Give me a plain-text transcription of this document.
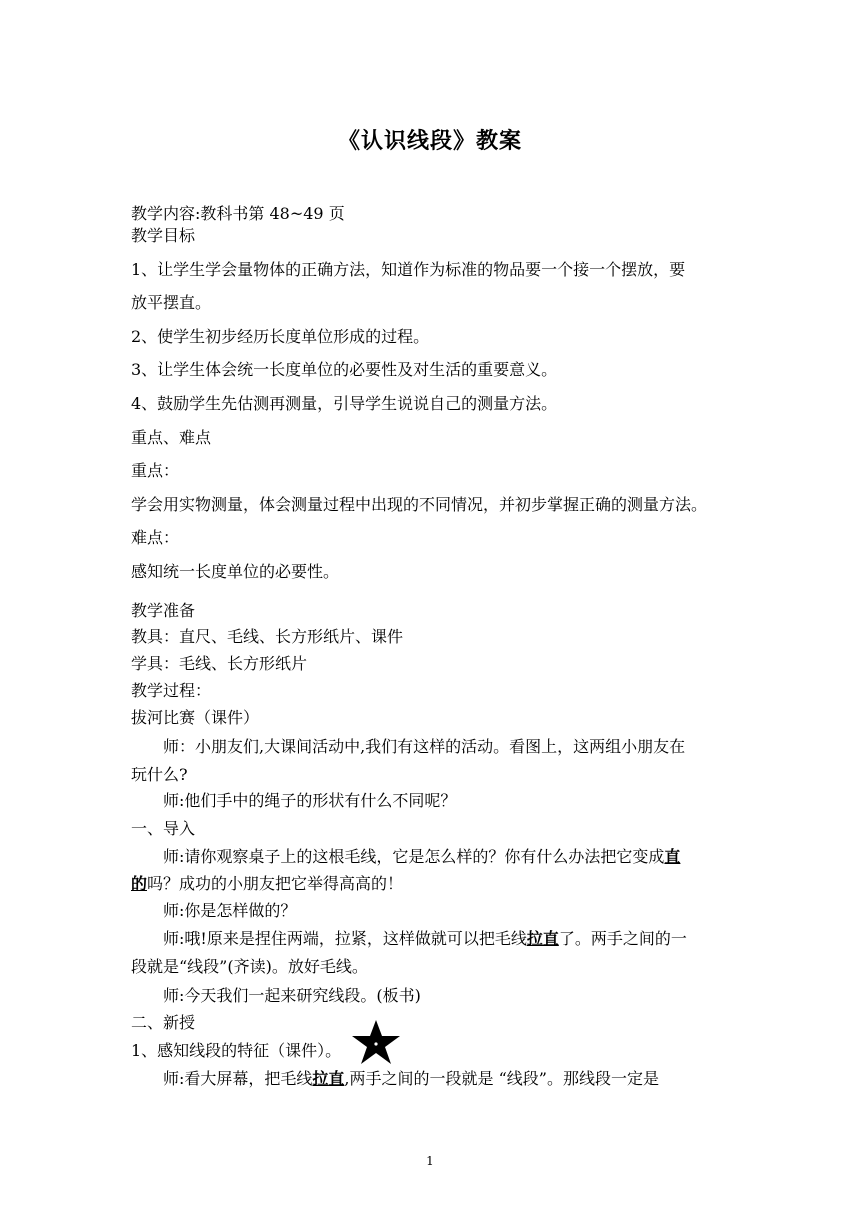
《认识线段》教案
教学内容:教科书第 48~49 页
教学目标
1、让学生学会量物体的正确方法，知道作为标准的物品要一个接一个摆放，要
放平摆直。
2、使学生初步经历长度单位形成的过程。
3、让学生体会统一长度单位的必要性及对生活的重要意义。
4、鼓励学生先估测再测量，引导学生说说自己的测量方法。
重点、难点
重点：
学会用实物测量，体会测量过程中出现的不同情况，并初步掌握正确的测量方法。
难点：
感知统一长度单位的必要性。
教学准备
教具：直尺、毛线、长方形纸片、课件
学具：毛线、长方形纸片
教学过程：
拔河比赛（课件）
师：小朋友们,大课间活动中,我们有这样的活动。看图上，这两组小朋友在
玩什么?
师:他们手中的绳子的形状有什么不同呢？
一、导入
师:请你观察桌子上的这根毛线，它是怎么样的？你有什么办法把它变成直
的吗？成功的小朋友把它举得高高的！
师:你是怎样做的？
师:哦!原来是捏住两端，拉紧，这样做就可以把毛线拉直了。两手之间的一
段就是“线段”(齐读)。放好毛线。
师:今天我们一起来研究线段。(板书)
二、新授
1、感知线段的特征（课件）。
师:看大屏幕，把毛线拉直,两手之间的一段就是 “线段”。那线段一定是
1
